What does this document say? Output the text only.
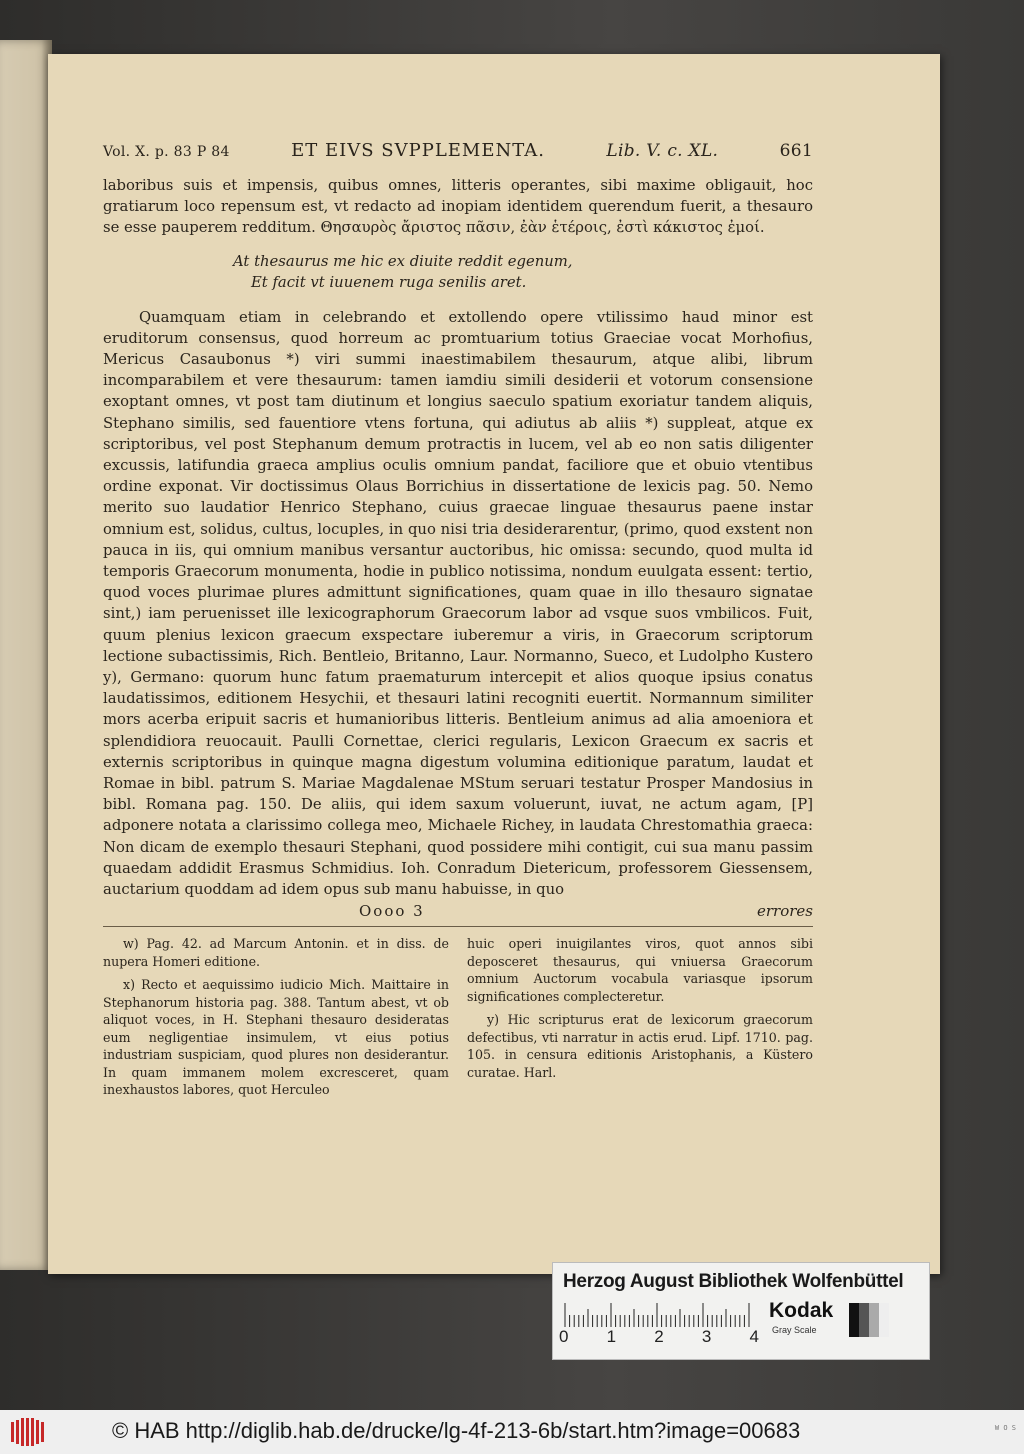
Vol. X. p. 83 P 84	ET EIVS SVPPLEMENTA.	Lib. V. c. XL.	661

laboribus suis et impensis, quibus omnes, litteris operantes, sibi maxime obligauit, hoc gratiarum loco repensum est, vt redacto ad inopiam identidem querendum fuerit, a thesauro se esse pauperem redditum. Θησαυρὸς ἄριστος πᾶσιν, ἐὰν ἑτέροις, ἐστὶ κάκιστος ἐμοί.

At thesaurus me hic ex diuite reddit egenum,
Et facit vt iuuenem ruga senilis aret.

Quamquam etiam in celebrando et extollendo opere vtilissimo haud minor est eruditorum consensus, quod horreum ac promtuarium totius Graeciae vocat Morhofius, Mericus Casaubonus *) viri summi inaestimabilem thesaurum, atque alibi, librum incomparabilem et vere thesaurum: tamen iamdiu simili desiderii et votorum consensione exoptant omnes, vt post tam diutinum et longius saeculo spatium exoriatur tandem aliquis, Stephano similis, sed fauentiore vtens fortuna, qui adiutus ab aliis *) suppleat, atque ex scriptoribus, vel post Stephanum demum protractis in lucem, vel ab eo non satis diligenter excussis, latifundia graeca amplius oculis omnium pandat, faciliore que et obuio vtentibus ordine exponat. Vir doctissimus Olaus Borrichius in dissertatione de lexicis pag. 50. Nemo merito suo laudatior Henrico Stephano, cuius graecae linguae thesaurus paene instar omnium est, solidus, cultus, locuples, in quo nisi tria desiderarentur, (primo, quod exstent non pauca in iis, qui omnium manibus versantur auctoribus, hic omissa: secundo, quod multa id temporis Graecorum monumenta, hodie in publico notissima, nondum euulgata essent: tertio, quod voces plurimae plures admittunt significationes, quam quae in illo thesauro signatae sint,) iam peruenisset ille lexicographorum Graecorum labor ad vsque suos vmbilicos. Fuit, quum plenius lexicon graecum exspectare iuberemur a viris, in Graecorum scriptorum lectione subactissimis, Rich. Bentleio, Britanno, Laur. Normanno, Sueco, et Ludolpho Kustero y), Germano: quorum hunc fatum praematurum intercepit et alios quoque ipsius conatus laudatissimos, editionem Hesychii, et thesauri latini recogniti euertit. Normannum similiter mors acerba eripuit sacris et humanioribus litteris. Bentleium animus ad alia amoeniora et splendidiora reuocauit. Paulli Cornettae, clerici regularis, Lexicon Graecum ex sacris et externis scriptoribus in quinque magna digestum volumina editionique paratum, laudat et Romae in bibl. patrum S. Mariae Magdalenae MStum seruari testatur Prosper Mandosius in bibl. Romana pag. 150. De aliis, qui idem saxum voluerunt, iuvat, ne actum agam, [P] adponere notata a clarissimo collega meo, Michaele Richey, in laudata Chrestomathia graeca: Non dicam de exemplo thesauri Stephani, quod possidere mihi contigit, cui sua manu passim quaedam addidit Erasmus Schmidius. Ioh. Conradum Dietericum, professorem Giessensem, auctarium quoddam ad idem opus sub manu habuisse, in quo

Oooo 3	errores

w) Pag. 42. ad Marcum Antonin. et in diss. de nupera Homeri editione.

x) Recto et aequissimo iudicio Mich. Maittaire in Stephanorum historia pag. 388. Tantum abest, vt ob aliquot voces, in H. Stephani thesauro desideratas eum negligentiae insimulem, vt eius potius industriam suspiciam, quod plures non desiderantur. In quam immanem molem excresceret, quam inexhaustos labores, quot Herculeo

huic operi inuigilantes viros, quot annos sibi deposceret thesaurus, qui vniuersa Graecorum omnium Auctorum vocabula variasque ipsorum significationes complecteretur.

y) Hic scripturus erat de lexicorum graecorum defectibus, vti narratur in actis erud. Lipf. 1710. pag. 105. in censura editionis Aristophanis, a Küstero curatae. Harl.

Herzog August Bibliothek Wolfenbüttel
0 1 2 3 4
Kodak
Gray Scale
© HAB http://diglib.hab.de/drucke/lg-4f-213-6b/start.htm?image=00683	W O S
